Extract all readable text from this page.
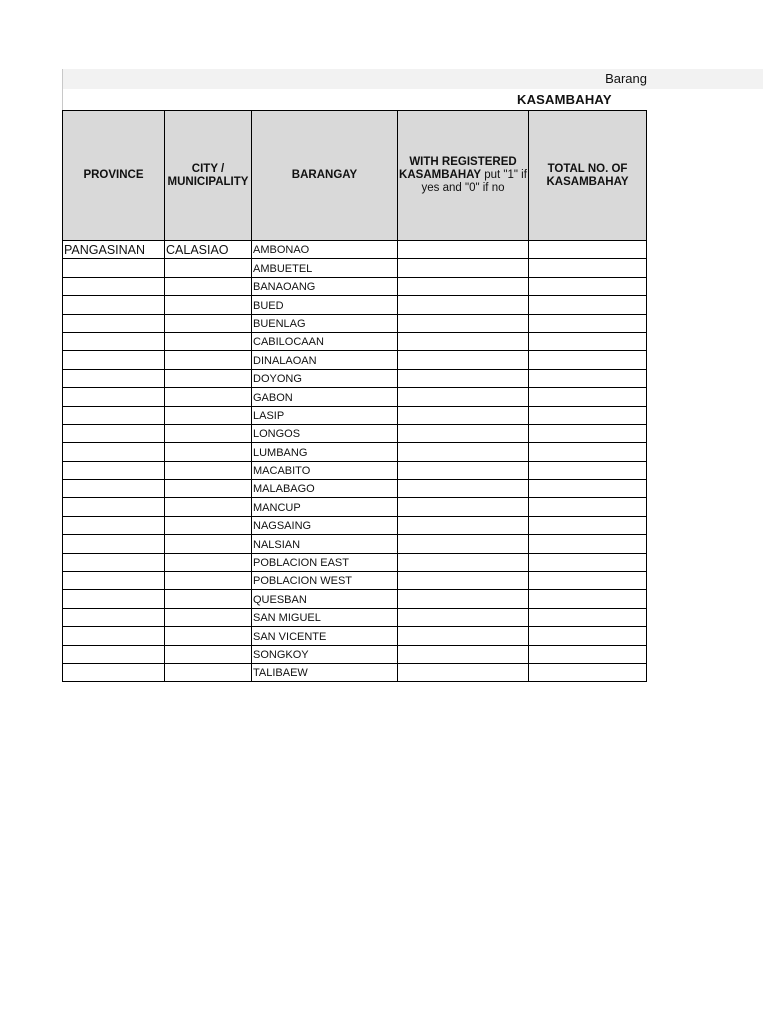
Barang
KASAMBAHAY
PROVINCE	CITY / MUNICIPALITY	BARANGAY	WITH REGISTERED KASAMBAHAY put "1" if yes and "0" if no	TOTAL NO. OF KASAMBAHAY
PANGASINAN	CALASIAO	AMBONAO		
		AMBUETEL		
		BANAOANG		
		BUED		
		BUENLAG		
		CABILOCAAN		
		DINALAOAN		
		DOYONG		
		GABON		
		LASIP		
		LONGOS		
		LUMBANG		
		MACABITO		
		MALABAGO		
		MANCUP		
		NAGSAING		
		NALSIAN		
		POBLACION EAST		
		POBLACION WEST		
		QUESBAN		
		SAN MIGUEL		
		SAN VICENTE		
		SONGKOY		
		TALIBAEW		
